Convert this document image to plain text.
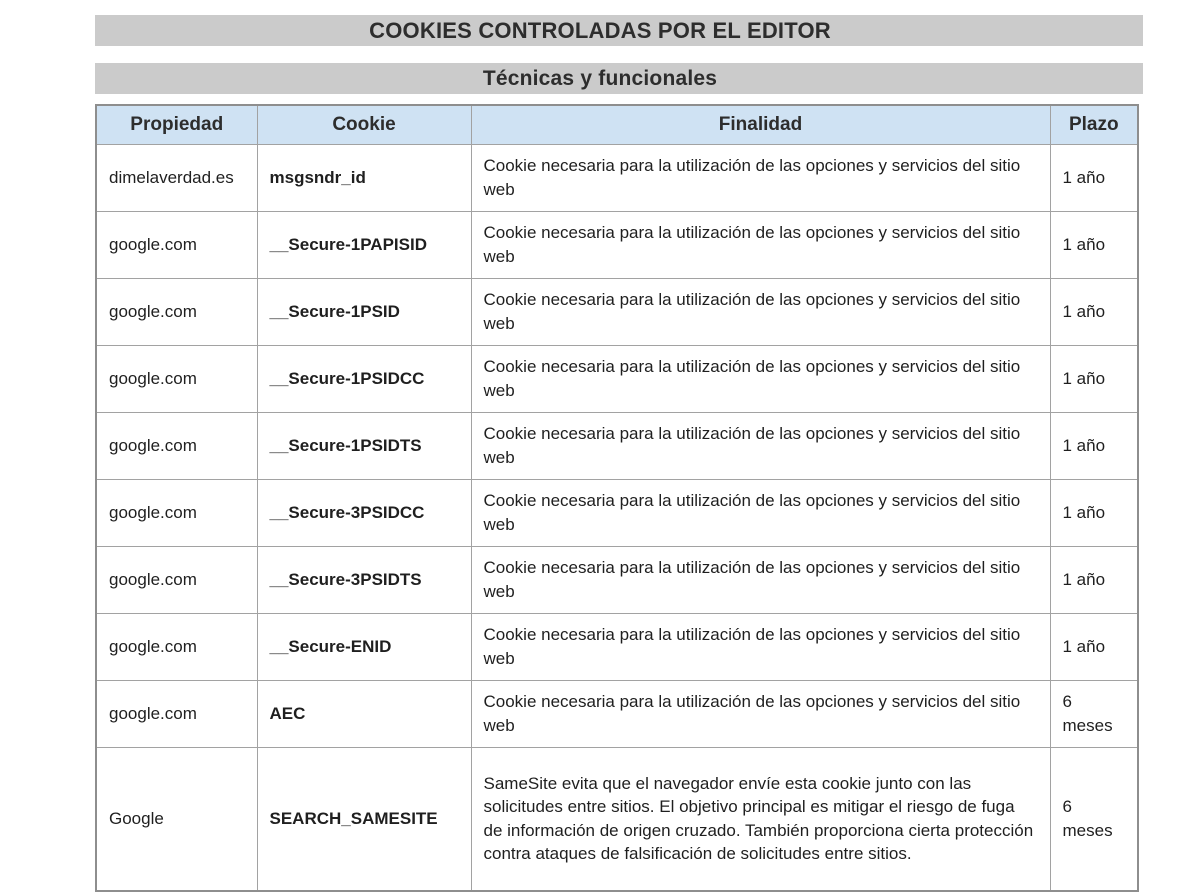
COOKIES CONTROLADAS POR EL EDITOR
Técnicas y funcionales
Propiedad	Cookie	Finalidad	Plazo
dimelaverdad.es	msgsndr_id	Cookie necesaria para la utilización de las opciones y servicios del sitio web	1 año
google.com	__Secure-1PAPISID	Cookie necesaria para la utilización de las opciones y servicios del sitio web	1 año
google.com	__Secure-1PSID	Cookie necesaria para la utilización de las opciones y servicios del sitio web	1 año
google.com	__Secure-1PSIDCC	Cookie necesaria para la utilización de las opciones y servicios del sitio web	1 año
google.com	__Secure-1PSIDTS	Cookie necesaria para la utilización de las opciones y servicios del sitio web	1 año
google.com	__Secure-3PSIDCC	Cookie necesaria para la utilización de las opciones y servicios del sitio web	1 año
google.com	__Secure-3PSIDTS	Cookie necesaria para la utilización de las opciones y servicios del sitio web	1 año
google.com	__Secure-ENID	Cookie necesaria para la utilización de las opciones y servicios del sitio web	1 año
google.com	AEC	Cookie necesaria para la utilización de las opciones y servicios del sitio web	6 meses
Google	SEARCH_SAMESITE	SameSite evita que el navegador envíe esta cookie junto con las solicitudes entre sitios. El objetivo principal es mitigar el riesgo de fuga de información de origen cruzado. También proporciona cierta protección contra ataques de falsificación de solicitudes entre sitios.	6 meses
